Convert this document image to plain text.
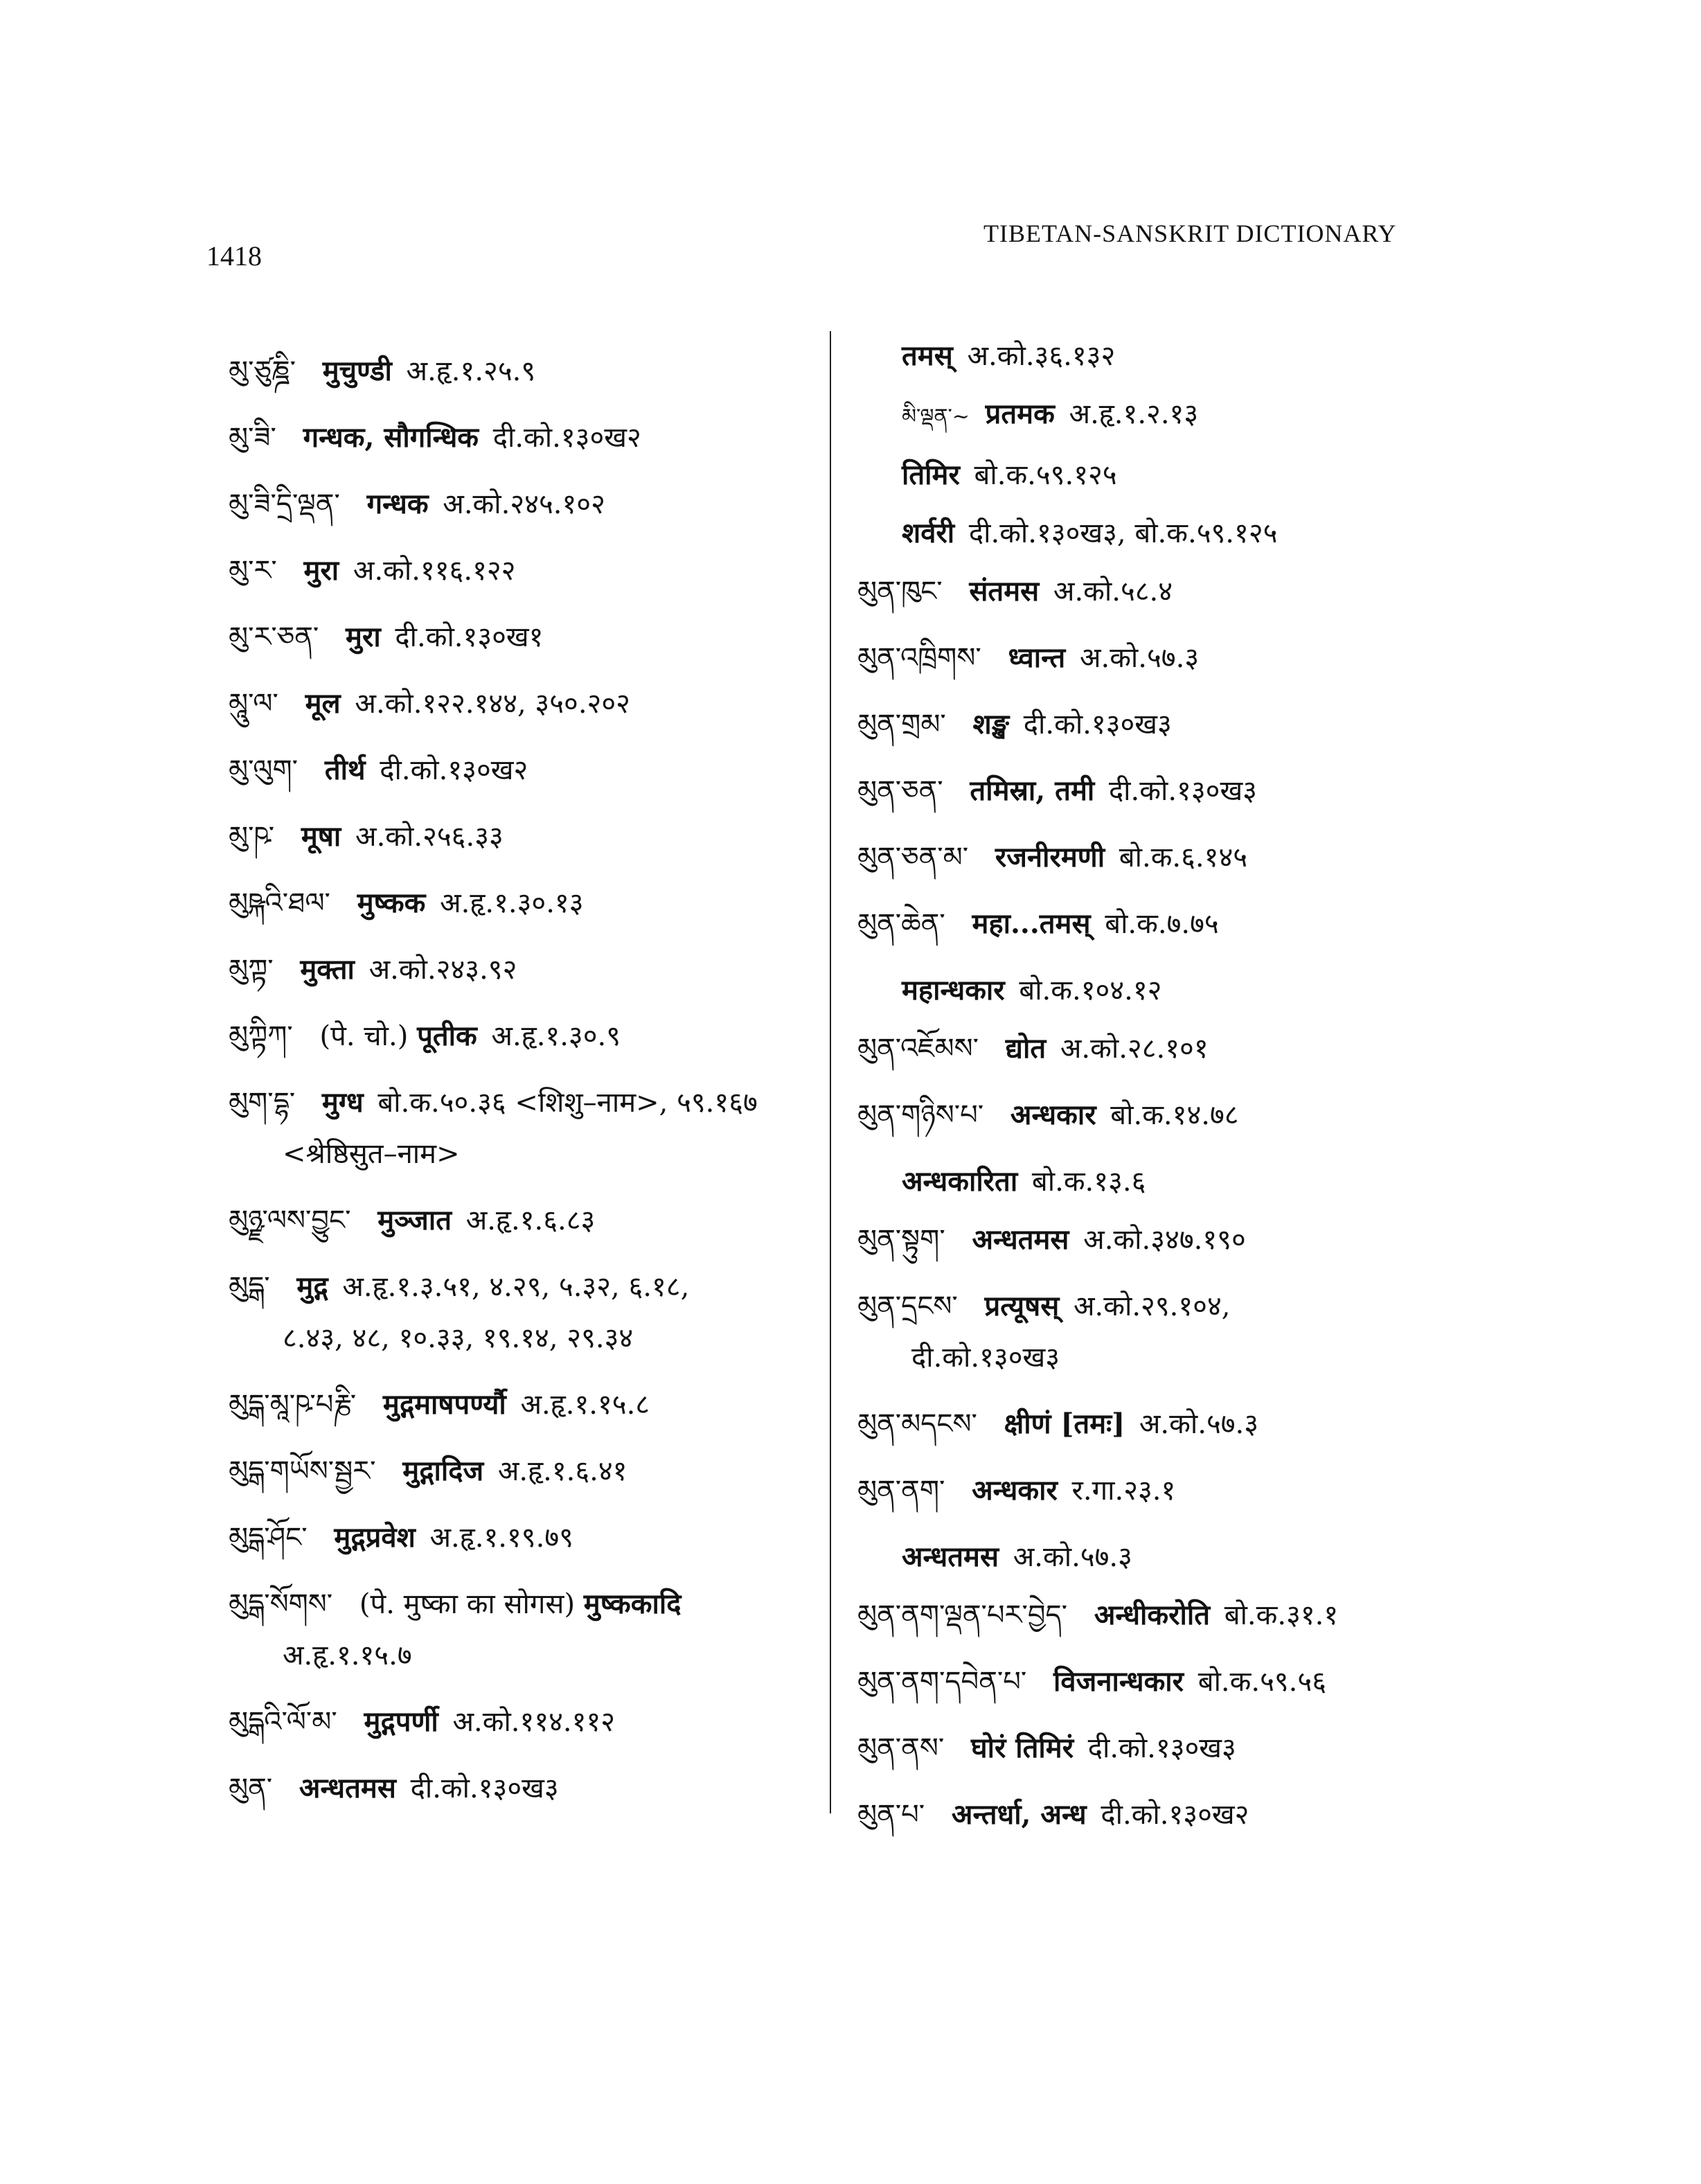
1418
TIBETAN-SANSKRIT DICTIONARY
མུ་ཙུཎྜི་ मुचुण्डी अ.हृ.१.२५.९
མུ་ཟི་ गन्धक, सौगन्धिक दी.को.१३०ख२
མུ་ཟི་དྲི་ལྡན་ गन्धक अ.को.२४५.१०२
མུ་ར་ मुरा अ.को.११६.१२२
མུ་ར་ཅན་ मुरा दी.को.१३०ख१
མཱུ་ལ་ मूल अ.को.१२२.१४४, ३५०.२०२
མུ་ལུག་ तीर्थ दी.को.१३०ख२
མུ་ཥ་ मूषा अ.को.२५६.३३
མུཥྐའི་ཐལ་ मुष्कक अ.हृ.१.३०.१३
མུཀྟ་ मुक्ता अ.को.२४३.९२
མུཀྟིཀ་ (पे. चो.) पूतीक अ.हृ.१.३०.९
མུག་དྷ་ मुग्ध बो.क.५०.३६ <शिशु–नाम>, ५९.१६७
<श्रेष्ठिसुत–नाम>
མུཉྫ་ལས་བྱུང་ मुञ्जात अ.हृ.१.६.८३
མུདྒ་ मुद्ग अ.हृ.१.३.५१, ४.२९, ५.३२, ६.१८,
८.४३, ४८, १०.३३, १९.१४, २९.३४
མུདྒ་མཱ་ཥ་པརྞི་ मुद्गमाषपर्ण्यौ अ.हृ.१.१५.८
མུདྒ་གཡོས་སྦྱར་ मुद्गादिज अ.हृ.१.६.४१
མུདྒ་ཤོང་ मुद्गप्रवेश अ.हृ.१.१९.७९
མུདྒ་སོགས་ (पे. मुष्का का सोगस) मुष्ककादि
अ.हृ.१.१५.७
མུདྒའི་ལོ་མ་ मुद्गपर्णी अ.को.११४.११२
མུན་ अन्धतमस दी.को.१३०ख३
तमस् अ.को.३६.१३२
མི་ལྡན་~ प्रतमक अ.हृ.१.२.१३
तिमिर बो.क.५९.१२५
शर्वरी दी.को.१३०ख३, बो.क.५९.१२५
མུན་ཁུང་ संतमस अ.को.५८.४
མུན་འཁྲིགས་ ध्वान्त अ.को.५७.३
མུན་གྲམ་ शङ्ख दी.को.१३०ख३
མུན་ཅན་ तमिस्रा, तमी दी.को.१३०ख३
མུན་ཅན་མ་ रजनीरमणी बो.क.६.१४५
མུན་ཆེན་ महा...तमस् बो.क.७.७५
महान्धकार बो.क.१०४.१२
མུན་འཇོམས་ द्योत अ.को.२८.१०१
མུན་གཉིས་པ་ अन्धकार बो.क.१४.७८
अन्धकारिता बो.क.१३.६
མུན་སྟུག་ अन्धतमस अ.को.३४७.१९०
མུན་དྲངས་ प्रत्यूषस् अ.को.२९.१०४,
दी.को.१३०ख३
མུན་མདངས་ क्षीणं [तमः] अ.को.५७.३
མུན་ནག་ अन्धकार र.गा.२३.१
अन्धतमस अ.को.५७.३
མུན་ནག་ལྡན་པར་བྱེད་ अन्धीकरोति बो.क.३१.१
མུན་ནག་དབེན་པ་ विजनान्धकार बो.क.५९.५६
མུན་ནས་ घोरं तिमिरं दी.को.१३०ख३
མུན་པ་ अन्तर्धा, अन्ध दी.को.१३०ख२
